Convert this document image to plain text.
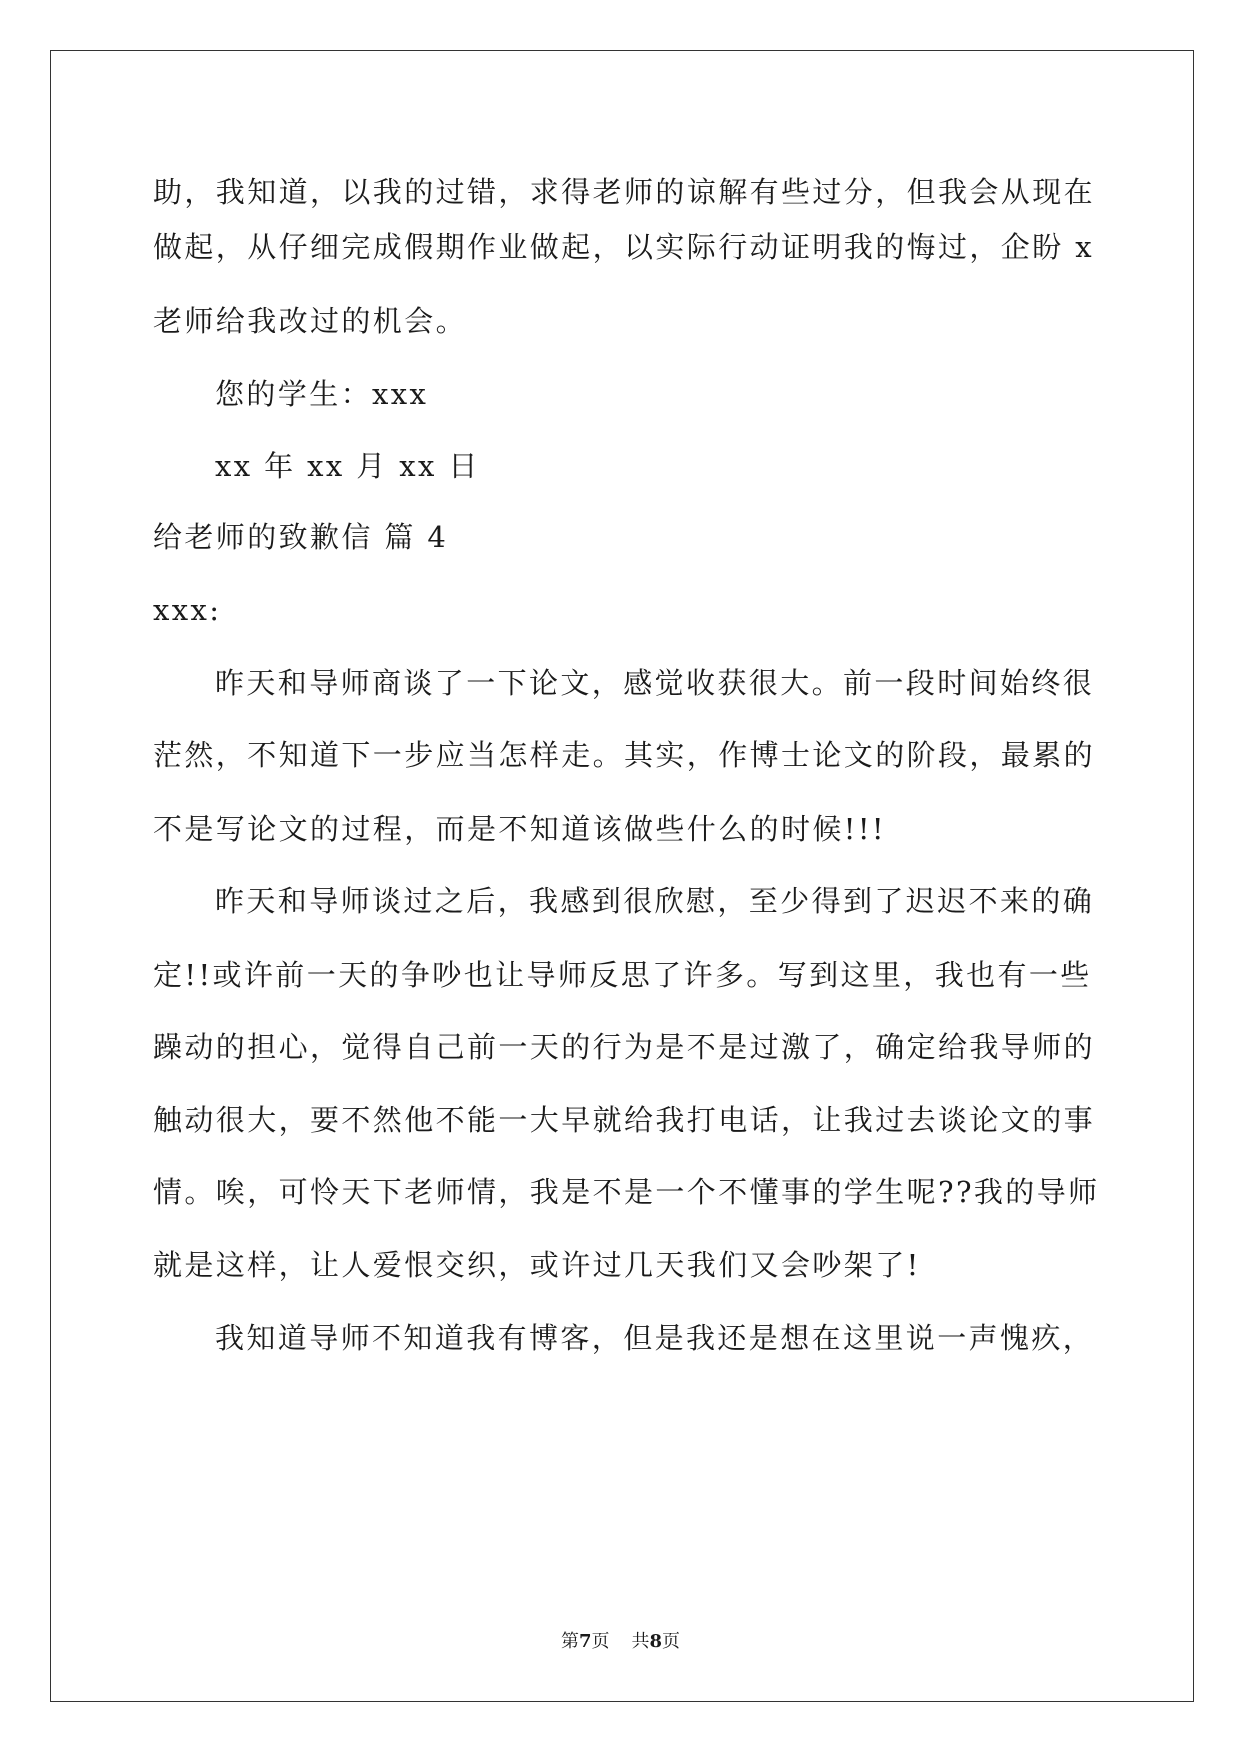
助，我知道，以我的过错，求得老师的谅解有些过分，但我会从现在
做起，从仔细完成假期作业做起，以实际行动证明我的悔过，企盼 x
老师给我改过的机会。
您的学生：xxx
xx 年 xx 月 xx 日
给老师的致歉信 篇 4
xxx:
昨天和导师商谈了一下论文，感觉收获很大。前一段时间始终很
茫然，不知道下一步应当怎样走。其实，作博士论文的阶段，最累的
不是写论文的过程，而是不知道该做些什么的时候!!!
昨天和导师谈过之后，我感到很欣慰，至少得到了迟迟不来的确
定!!或许前一天的争吵也让导师反思了许多。写到这里，我也有一些
躁动的担心，觉得自己前一天的行为是不是过激了，确定给我导师的
触动很大，要不然他不能一大早就给我打电话，让我过去谈论文的事
情。唉，可怜天下老师情，我是不是一个不懂事的学生呢??我的导师
就是这样，让人爱恨交织，或许过几天我们又会吵架了!
我知道导师不知道我有博客，但是我还是想在这里说一声愧疚，
第7页 共8页
